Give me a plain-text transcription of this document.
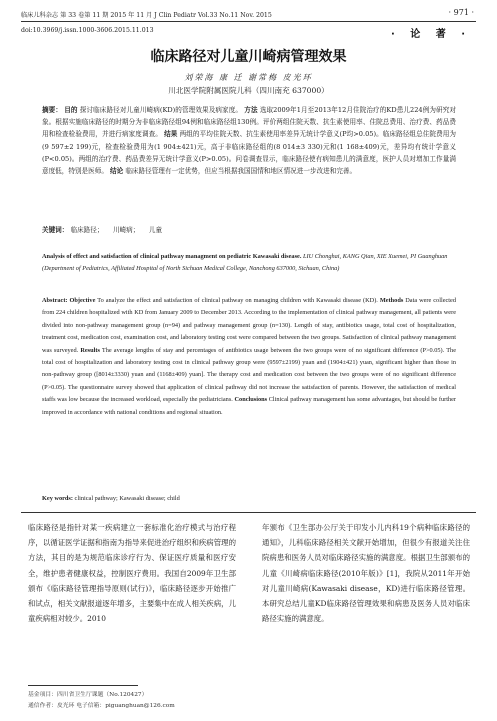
临床儿科杂志 第 33 卷第 11 期 2015 年 11 月 J Clin Pediatr Vol.33 No.11 Nov. 2015	· 971 ·
doi:10.3969/j.issn.1000-3606.2015.11.013	· 论 著 ·
临床路径对儿童川崎病管理效果
刘荣海 康 迁 谢常梅 皮光环
川北医学院附属医院儿科（四川南充 637000）
摘要： 目的 探讨临床路径对儿童川崎病(KD)的管理效果及病家度。 方法 选取2009年1月至2013年12月住院治疗的KD患儿224例为研究对象。根据实施临床路径的时期分为非临床路径组94例和临床路径组130例。评价两组住院天数、抗生素使用率、住院总费用、治疗费、药品费用和检查检验费用，并进行病家度调查。 结果 两组的平均住院天数、抗生素使用率差异无统计学意义(P均>0.05)。临床路径组总住院费用为(9 597±2 199)元，检查检验费用为(1 904±421)元，高于非临床路径组的(8 014±3 330)元和(1 168±409)元，差异均有统计学意义(P<0.05)。两组的治疗费、药品费差异无统计学意义(P>0.05)。问卷调查显示，临床路径使有病知患儿的满意度，医护人员对增加工作量满意度低，特别是医师。 结论 临床路径管理有一定优势，但应当根据我国国情和地区情况进一步改进和完善。
关键词： 临床路径； 川崎病； 儿童
Analysis of effect and satisfaction of clinical pathway managment on pediatric Kawasaki disease. LIU Chonghai, KANG Qian, XIE Xuemei, PI Guanghuan (Department of Pediatrics, Affiliated Hospital of North Sichuan Medical College, Nanchong 637000, Sichuan, China)
Abstract: Objective To analyze the effect and satisfaction of clinical pathway on managing children with Kawasaki disease (KD). Methods Data were collected from 224 children hospitalized with KD from January 2009 to December 2013. According to the implementation of clinical pathway management, all patients were divided into non-pathway management group (n=94) and pathway management group (n=130). Length of stay, antibiotics usage, total cost of hospitalization, treatment cost, medication cost, examination cost, and laboratory testing cost were compared between the two groups. Satisfaction of clinical pathway management was surveyed. Results The average lengths of stay and percentages of antibiotics usage between the two groups were of no significant difference (P>0.05). The total cost of hospitalization and laboratory testing cost in clinical pathway group were (9597±2199) yuan and (1904±421) yuan, significant higher than those in non-pathway group ([8014±3330) yuan and (1168±409) yuan]. The therapy cost and medication cost between the two groups were of no significant difference (P>0.05). The questionnaire survey showed that application of clinical pathway did not increase the satisfaction of parents. However, the satisfaction of medical staffs was low because the increased workload, especially the pediatricians. Conclusions Clinical pathway management has some advantages, but should be further improved in accordance with national conditions and regional situation.
Key words: clinical pathway; Kawasaki disease; child
临床路径是指针对某一疾病建立一套标准化治疗模式与治疗程序，以循证医学证据和指南为指导来促进治疗组织和疾病管理的方法，其目的是为规范临床诊疗行为、保证医疗质量和医疗安全，维护患者健康权益，控制医疗费用。我国自2009年卫生部颁布《临床路径管理指导原则(试行)》，临床路径逐步开始推广和试点，相关文献报道逐年增多，主要集中在成人相关疾病，儿童疾病相对较少。2010
年颁布《卫生部办公厅关于印发小儿内科19个病种临床路径的通知》，儿科临床路径相关文献开始增加，但很少有报道关注住院病患和医务人员对临床路径实施的满意度。根据卫生部颁布的儿童《川崎病临床路径(2010年版)》[1]，我院从2011年开始对儿童川崎病(Kawasaki disease，KD)进行临床路径管理。本研究总结儿童KD临床路径管理效果和病患及医务人员对临床路径实施的满意度。
基金项目：四川省卫生厅课题（No.120427）
通信作者：皮光环 电子信箱：piguanghuan@126.com
